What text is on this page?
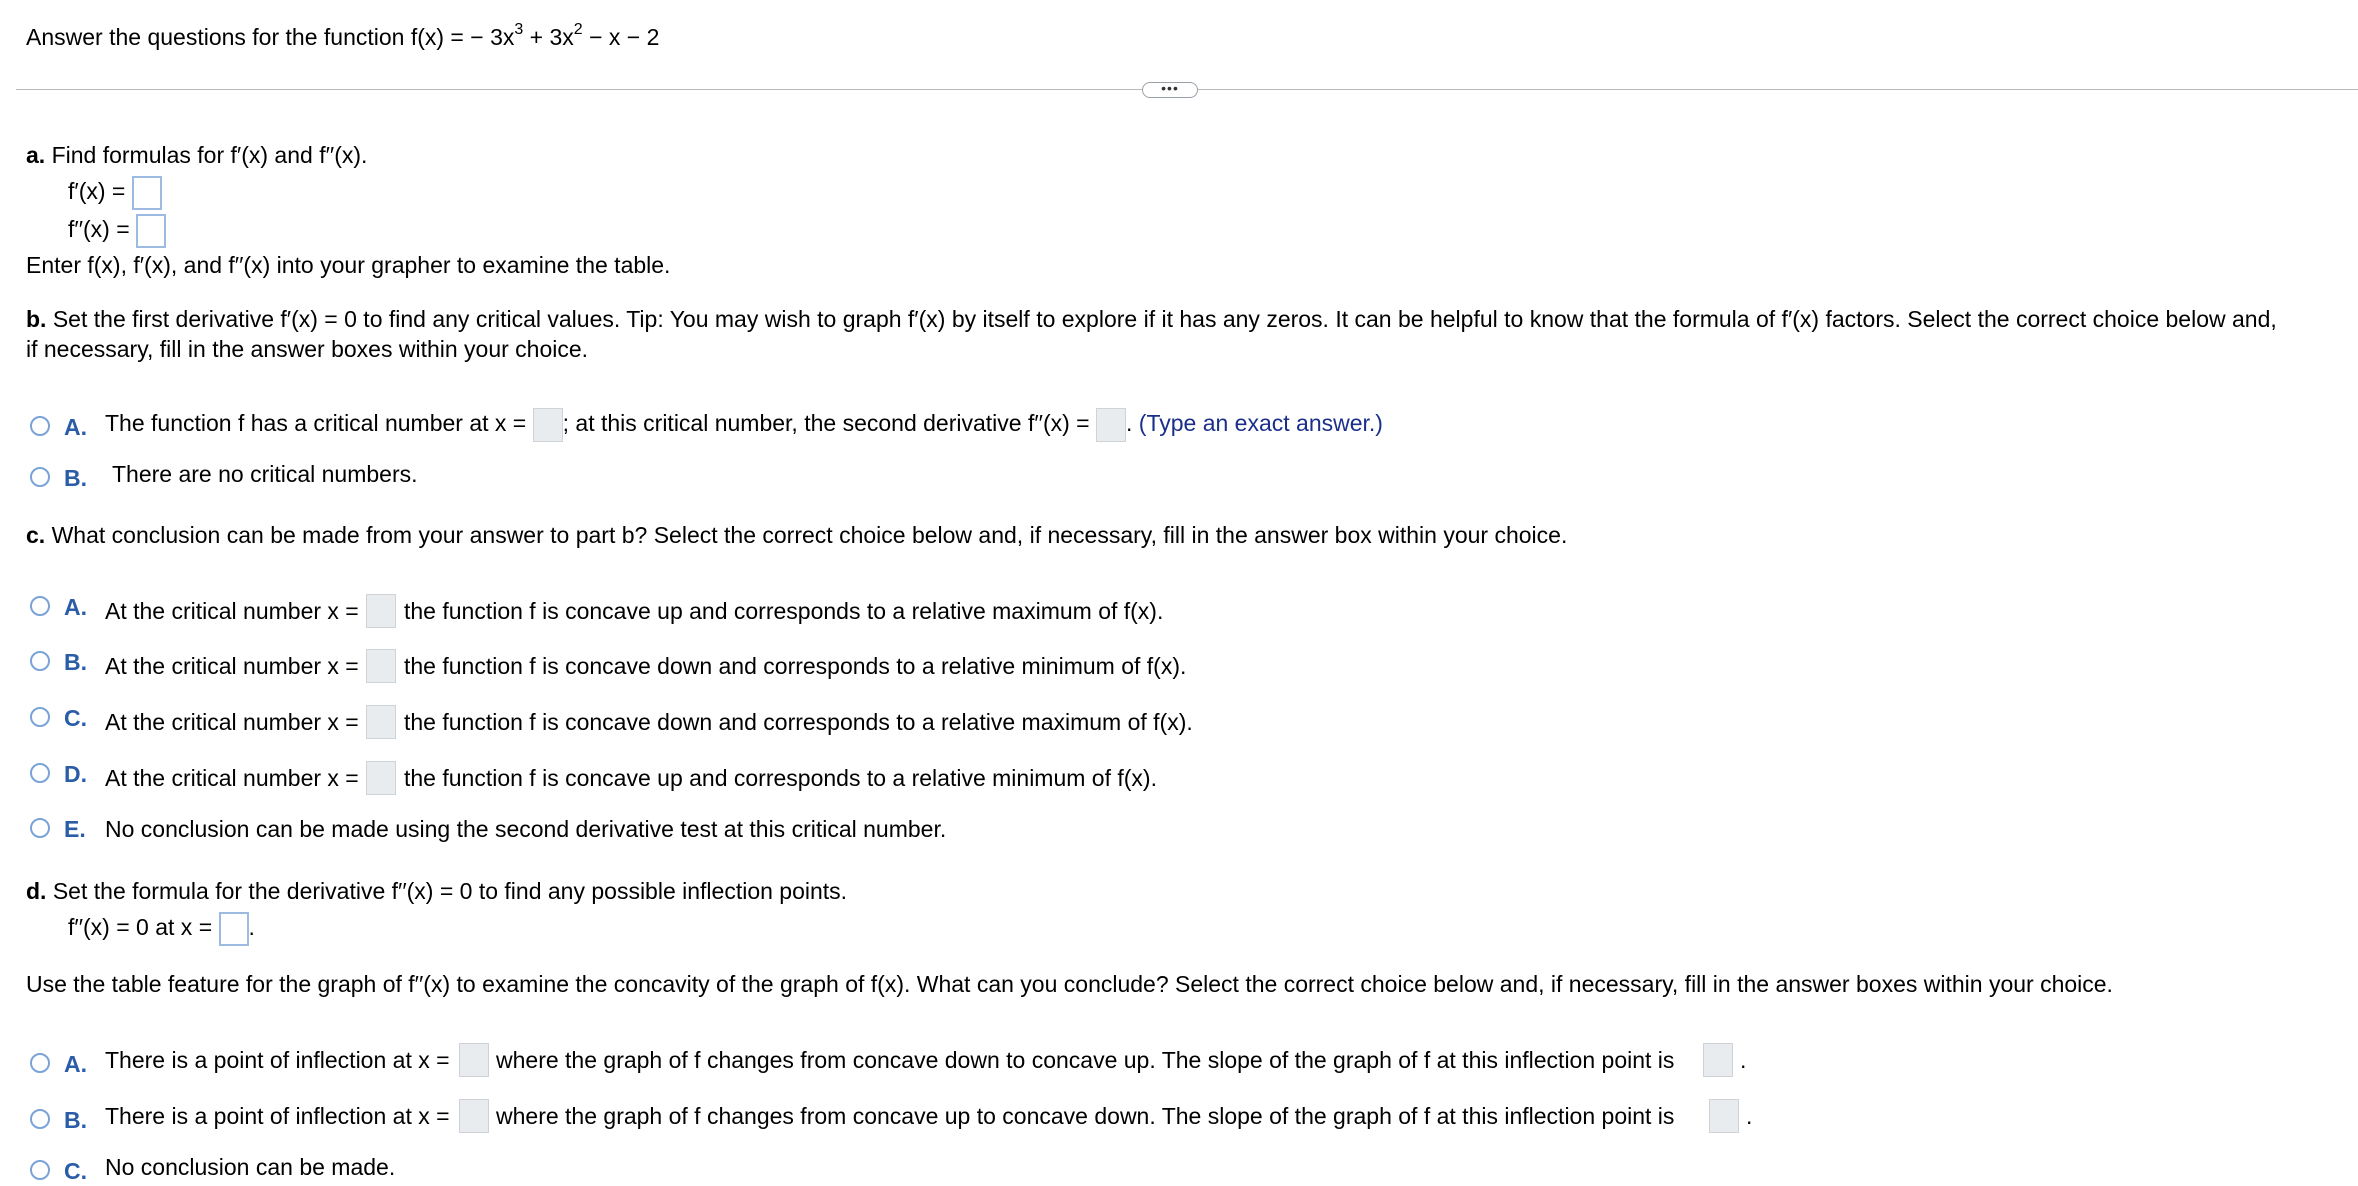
Answer the questions for the function f(x) = − $3x^3 + 3x^2 - x - 2$
•••
a. Find formulas for f′(x) and f′′(x).
f′(x) =
f′′(x) =
Enter f(x), f′(x), and f′′(x) into your grapher to examine the table.
b. Set the first derivative f′(x) = 0 to find any critical values. Tip: You may wish to graph f′(x) by itself to explore if it has any zeros. It can be helpful to know that the formula of f′(x) factors. Select the correct choice below and,
if necessary, fill in the answer boxes within your choice.
A. The function f has a critical number at x = ; at this critical number, the second derivative f′′(x) = . (Type an exact answer.)
B. There are no critical numbers.
c. What conclusion can be made from your answer to part b? Select the correct choice below and, if necessary, fill in the answer box within your choice.
A. At the critical number x = the function f is concave up and corresponds to a relative maximum of f(x).
B. At the critical number x = the function f is concave down and corresponds to a relative minimum of f(x).
C. At the critical number x = the function f is concave down and corresponds to a relative maximum of f(x).
D. At the critical number x = the function f is concave up and corresponds to a relative minimum of f(x).
E. No conclusion can be made using the second derivative test at this critical number.
d. Set the formula for the derivative f′′(x) = 0 to find any possible inflection points.
f′′(x) = 0 at x = .
Use the table feature for the graph of f′′(x) to examine the concavity of the graph of f(x). What can you conclude? Select the correct choice below and, if necessary, fill in the answer boxes within your choice.
A. There is a point of inflection at x = where the graph of f changes from concave down to concave up. The slope of the graph of f at this inflection point is	.
B. There is a point of inflection at x = where the graph of f changes from concave up to concave down. The slope of the graph of f at this inflection point is	.
C. No conclusion can be made.
